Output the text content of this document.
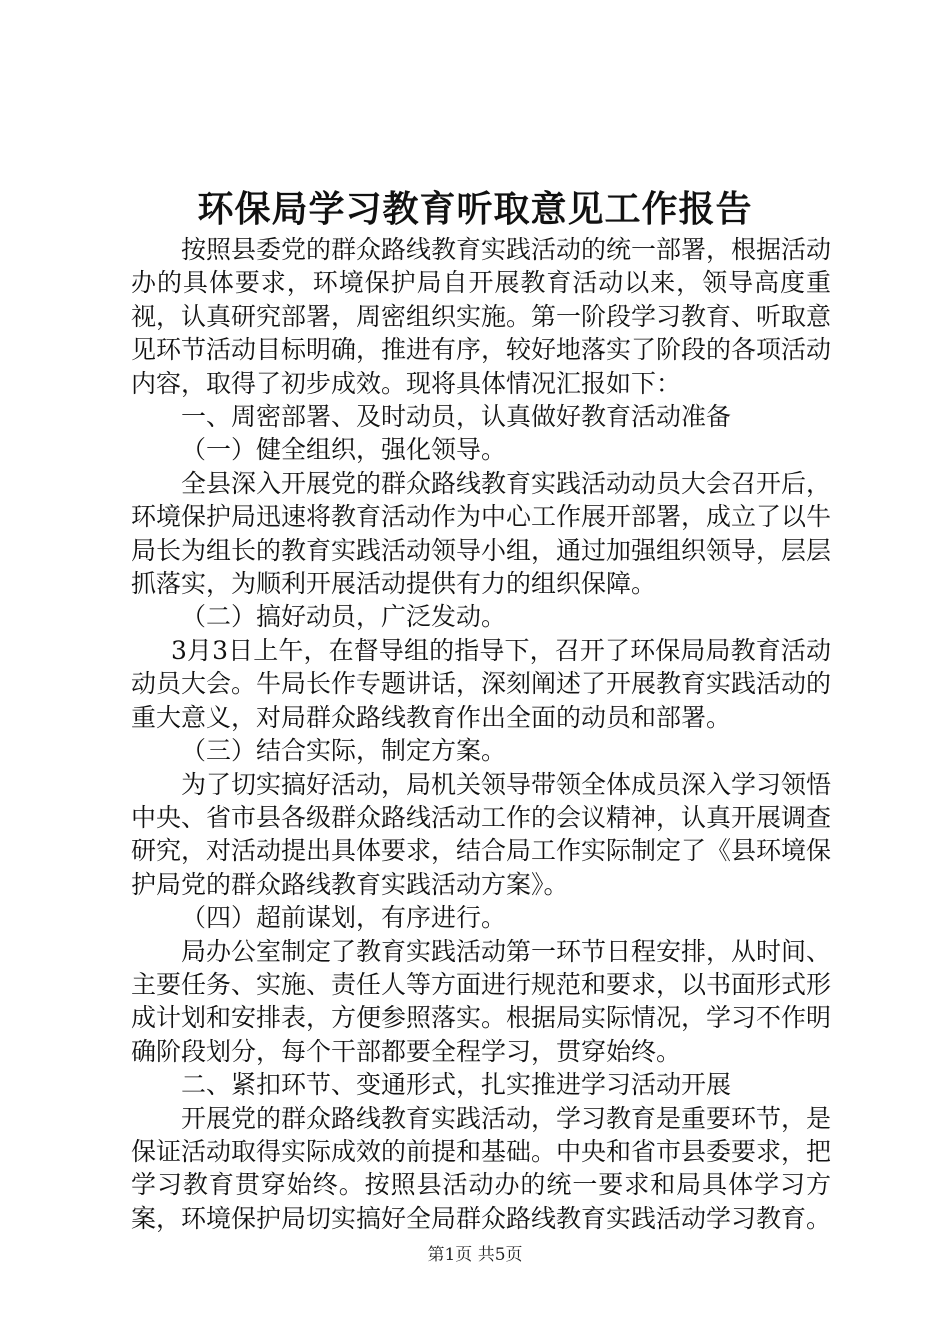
环保局学习教育听取意见工作报告

按照县委党的群众路线教育实践活动的统一部署，根据活动办的具体要求，环境保护局自开展教育活动以来，领导高度重视，认真研究部署，周密组织实施。第一阶段学习教育、听取意见环节活动目标明确，推进有序，较好地落实了阶段的各项活动内容，取得了初步成效。现将具体情况汇报如下：

一、周密部署、及时动员，认真做好教育活动准备

（一）健全组织，强化领导。

全县深入开展党的群众路线教育实践活动动员大会召开后，环境保护局迅速将教育活动作为中心工作展开部署，成立了以牛局长为组长的教育实践活动领导小组，通过加强组织领导，层层抓落实，为顺利开展活动提供有力的组织保障。

（二）搞好动员，广泛发动。

3月3日上午，在督导组的指导下，召开了环保局局教育活动动员大会。牛局长作专题讲话，深刻阐述了开展教育实践活动的重大意义，对局群众路线教育作出全面的动员和部署。

（三）结合实际，制定方案。

为了切实搞好活动，局机关领导带领全体成员深入学习领悟中央、省市县各级群众路线活动工作的会议精神，认真开展调查研究，对活动提出具体要求，结合局工作实际制定了《县环境保护局党的群众路线教育实践活动方案》。

（四）超前谋划，有序进行。

局办公室制定了教育实践活动第一环节日程安排，从时间、主要任务、实施、责任人等方面进行规范和要求，以书面形式形成计划和安排表，方便参照落实。根据局实际情况，学习不作明确阶段划分，每个干部都要全程学习，贯穿始终。

二、紧扣环节、变通形式，扎实推进学习活动开展

开展党的群众路线教育实践活动，学习教育是重要环节，是保证活动取得实际成效的前提和基础。中央和省市县委要求，把学习教育贯穿始终。按照县活动办的统一要求和局具体学习方案，环境保护局切实搞好全局群众路线教育实践活动学习教育。

第1页 共5页
